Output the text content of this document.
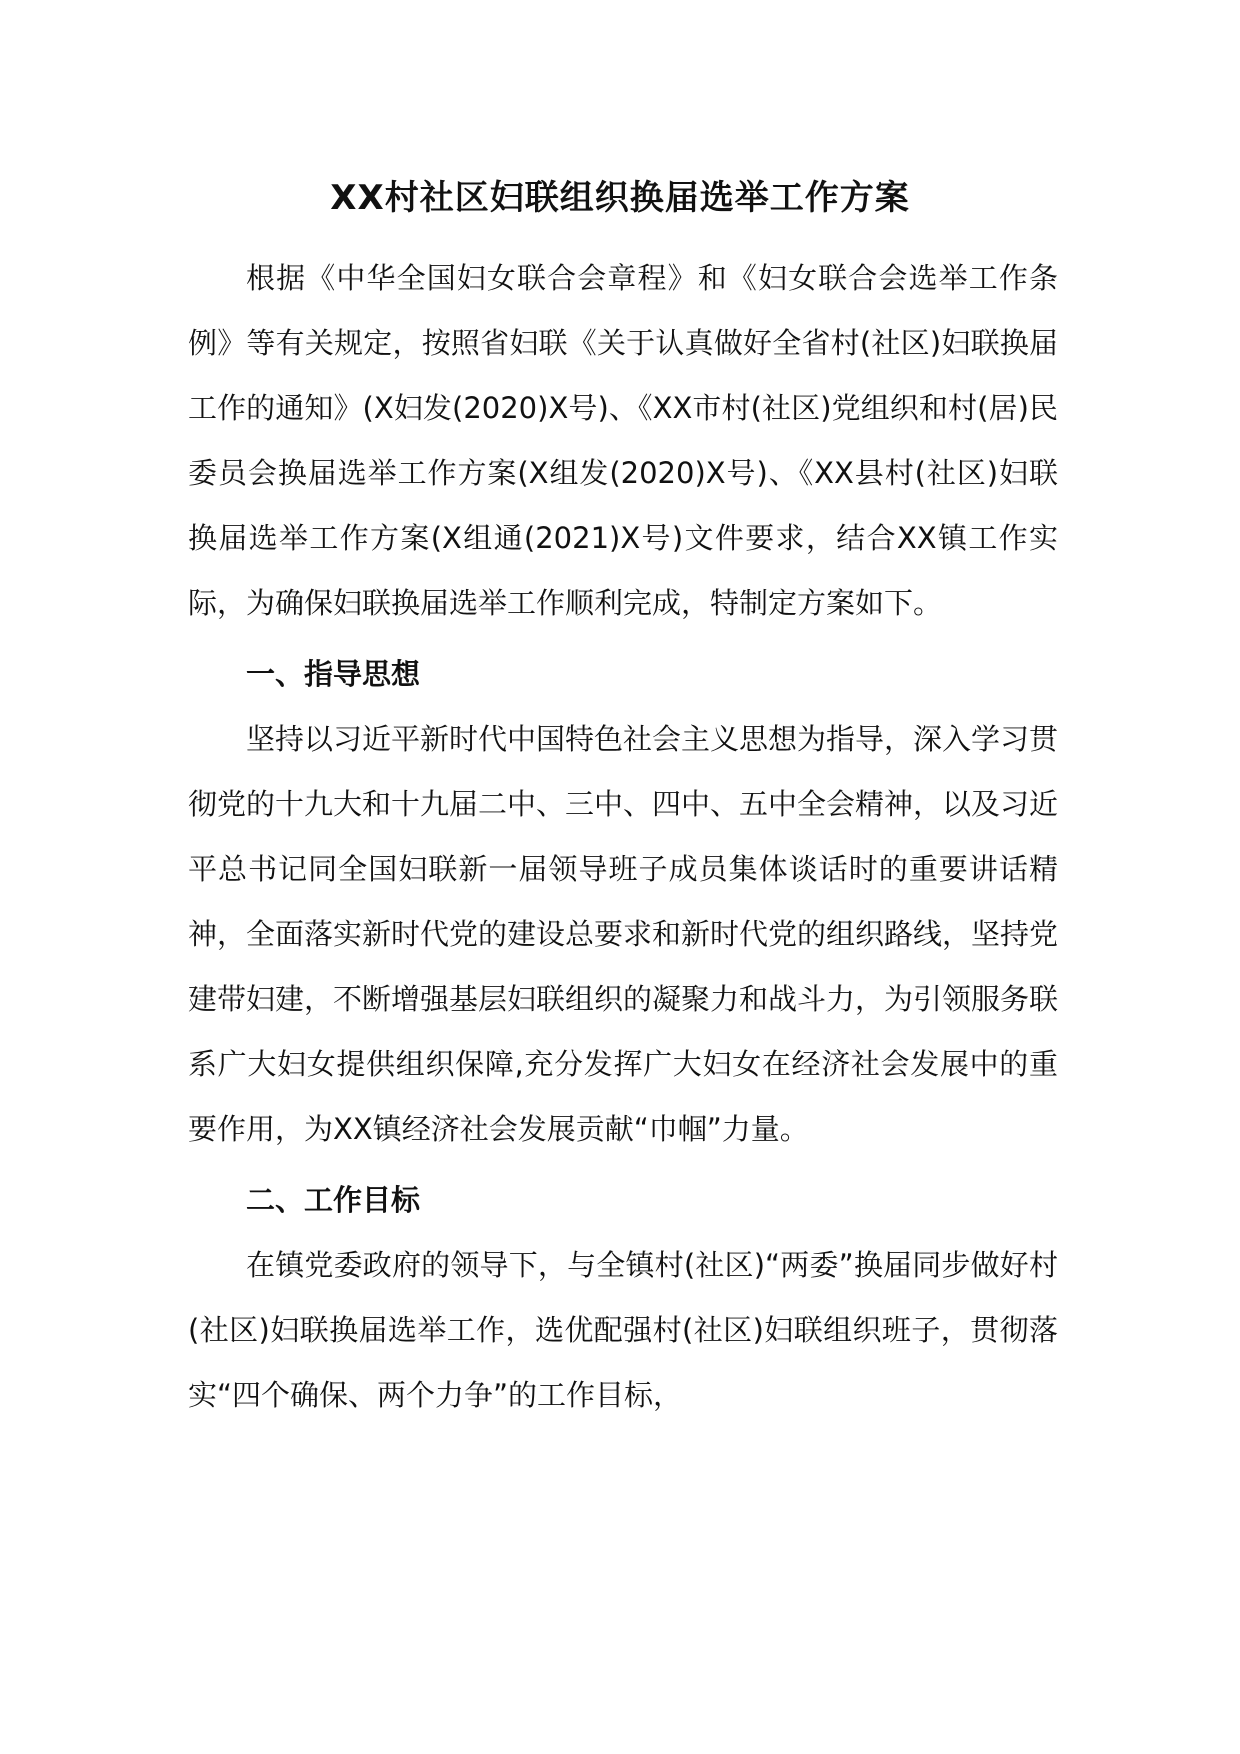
XX村社区妇联组织换届选举工作方案

根据《中华全国妇女联合会章程》和《妇女联合会选举工作条例》等有关规定，按照省妇联《关于认真做好全省村(社区)妇联换届工作的通知》(X妇发(2020)X号)、《XX市村(社区)党组织和村(居)民委员会换届选举工作方案(X组发(2020)X号)、《XX县村(社区)妇联换届选举工作方案(X组通(2021)X号)文件要求，结合XX镇工作实际，为确保妇联换届选举工作顺利完成，特制定方案如下。

一、指导思想

坚持以习近平新时代中国特色社会主义思想为指导，深入学习贯彻党的十九大和十九届二中、三中、四中、五中全会精神，以及习近平总书记同全国妇联新一届领导班子成员集体谈话时的重要讲话精神，全面落实新时代党的建设总要求和新时代党的组织路线，坚持党建带妇建，不断增强基层妇联组织的凝聚力和战斗力，为引领服务联系广大妇女提供组织保障,充分发挥广大妇女在经济社会发展中的重要作用，为XX镇经济社会发展贡献“巾帼”力量。

二、工作目标

在镇党委政府的领导下，与全镇村(社区)“两委”换届同步做好村(社区)妇联换届选举工作，选优配强村(社区)妇联组织班子，贯彻落实“四个确保、两个力争”的工作目标，
